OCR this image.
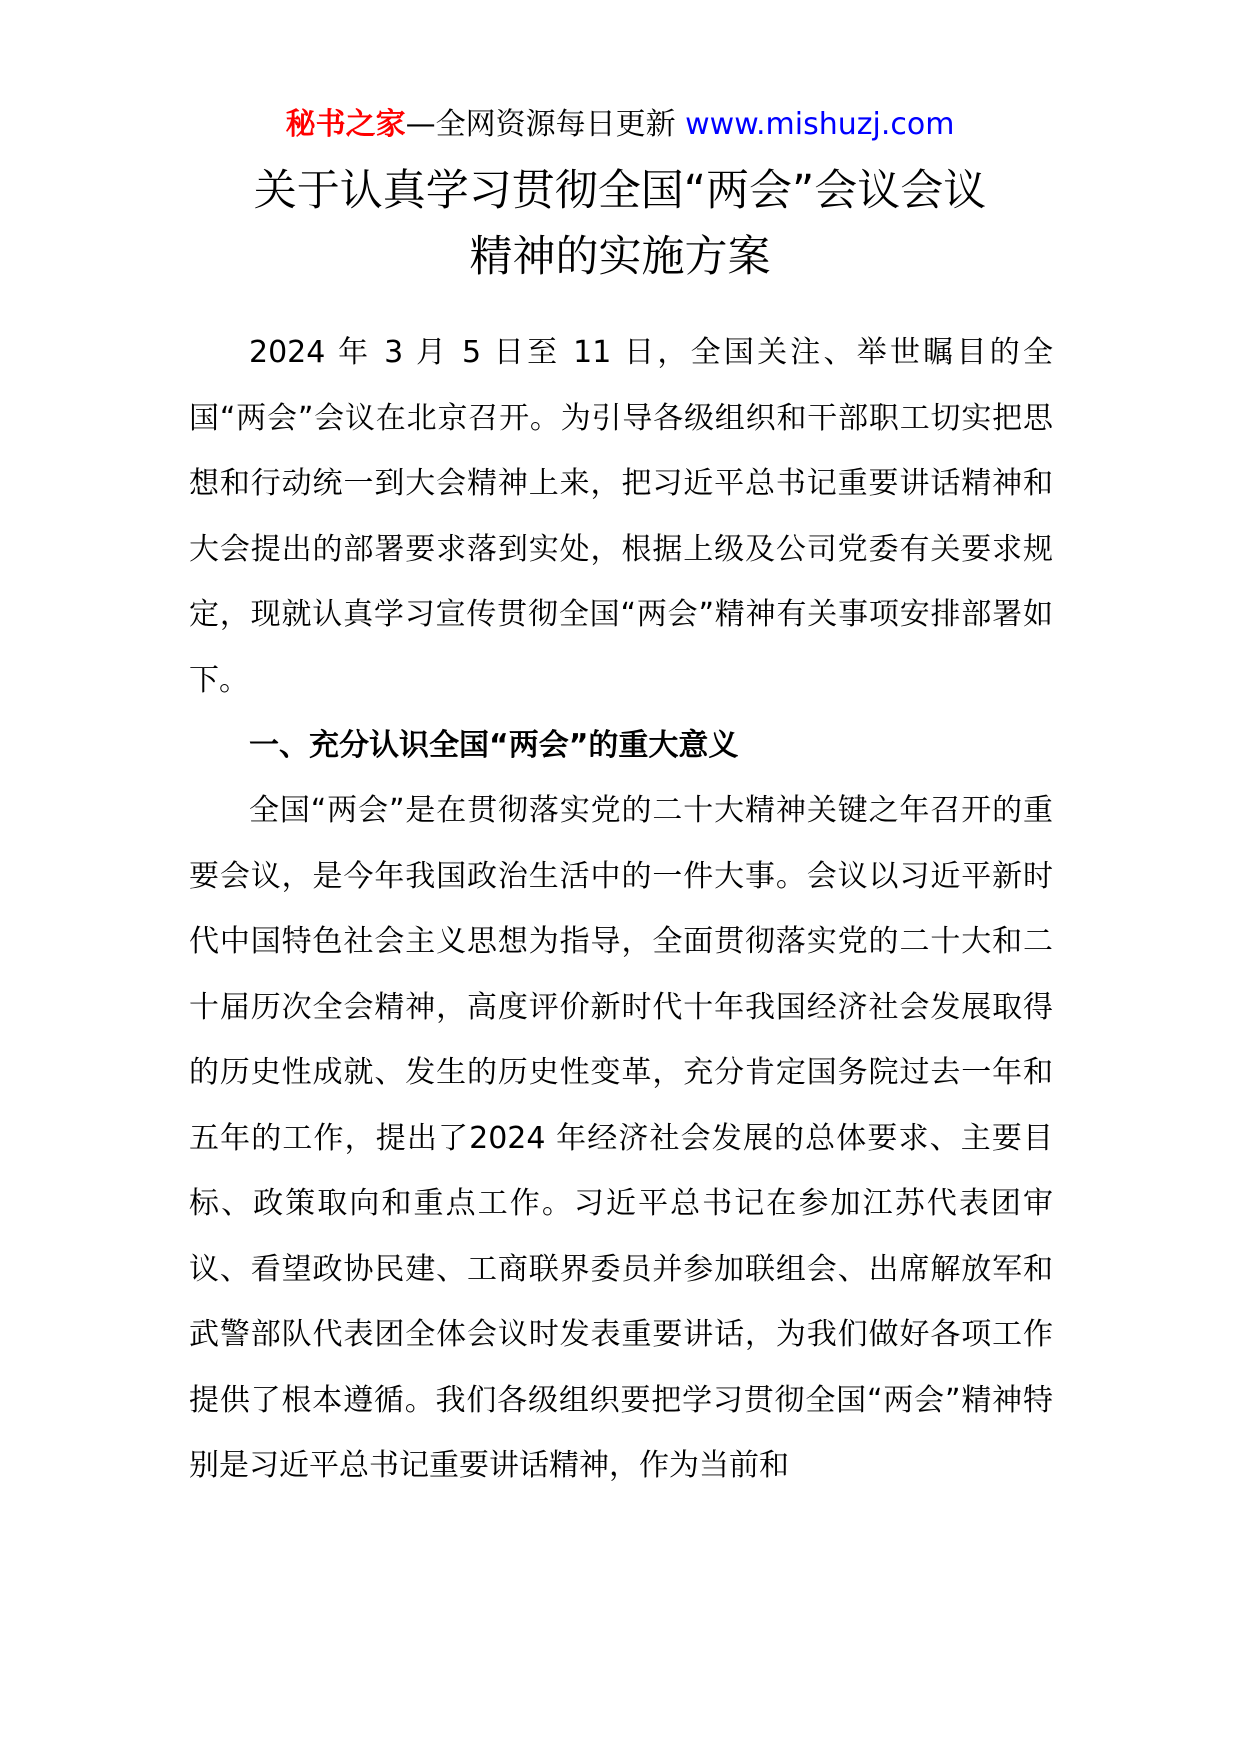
秘书之家—全网资源每日更新 www.mishuzj.com
关于认真学习贯彻全国“两会”会议会议
精神的实施方案

2024 年 3 月 5 日至 11 日，全国关注、举世瞩目的全国“两会”会议在北京召开。为引导各级组织和干部职工切实把思想和行动统一到大会精神上来，把习近平总书记重要讲话精神和大会提出的部署要求落到实处，根据上级及公司党委有关要求规定，现就认真学习宣传贯彻全国“两会”精神有关事项安排部署如下。

一、充分认识全国“两会”的重大意义

全国“两会”是在贯彻落实党的二十大精神关键之年召开的重要会议，是今年我国政治生活中的一件大事。会议以习近平新时代中国特色社会主义思想为指导，全面贯彻落实党的二十大和二十届历次全会精神，高度评价新时代十年我国经济社会发展取得的历史性成就、发生的历史性变革，充分肯定国务院过去一年和五年的工作，提出了2024 年经济社会发展的总体要求、主要目标、政策取向和重点工作。习近平总书记在参加江苏代表团审议、看望政协民建、工商联界委员并参加联组会、出席解放军和武警部队代表团全体会议时发表重要讲话，为我们做好各项工作提供了根本遵循。我们各级组织要把学习贯彻全国“两会”精神特别是习近平总书记重要讲话精神，作为当前和
